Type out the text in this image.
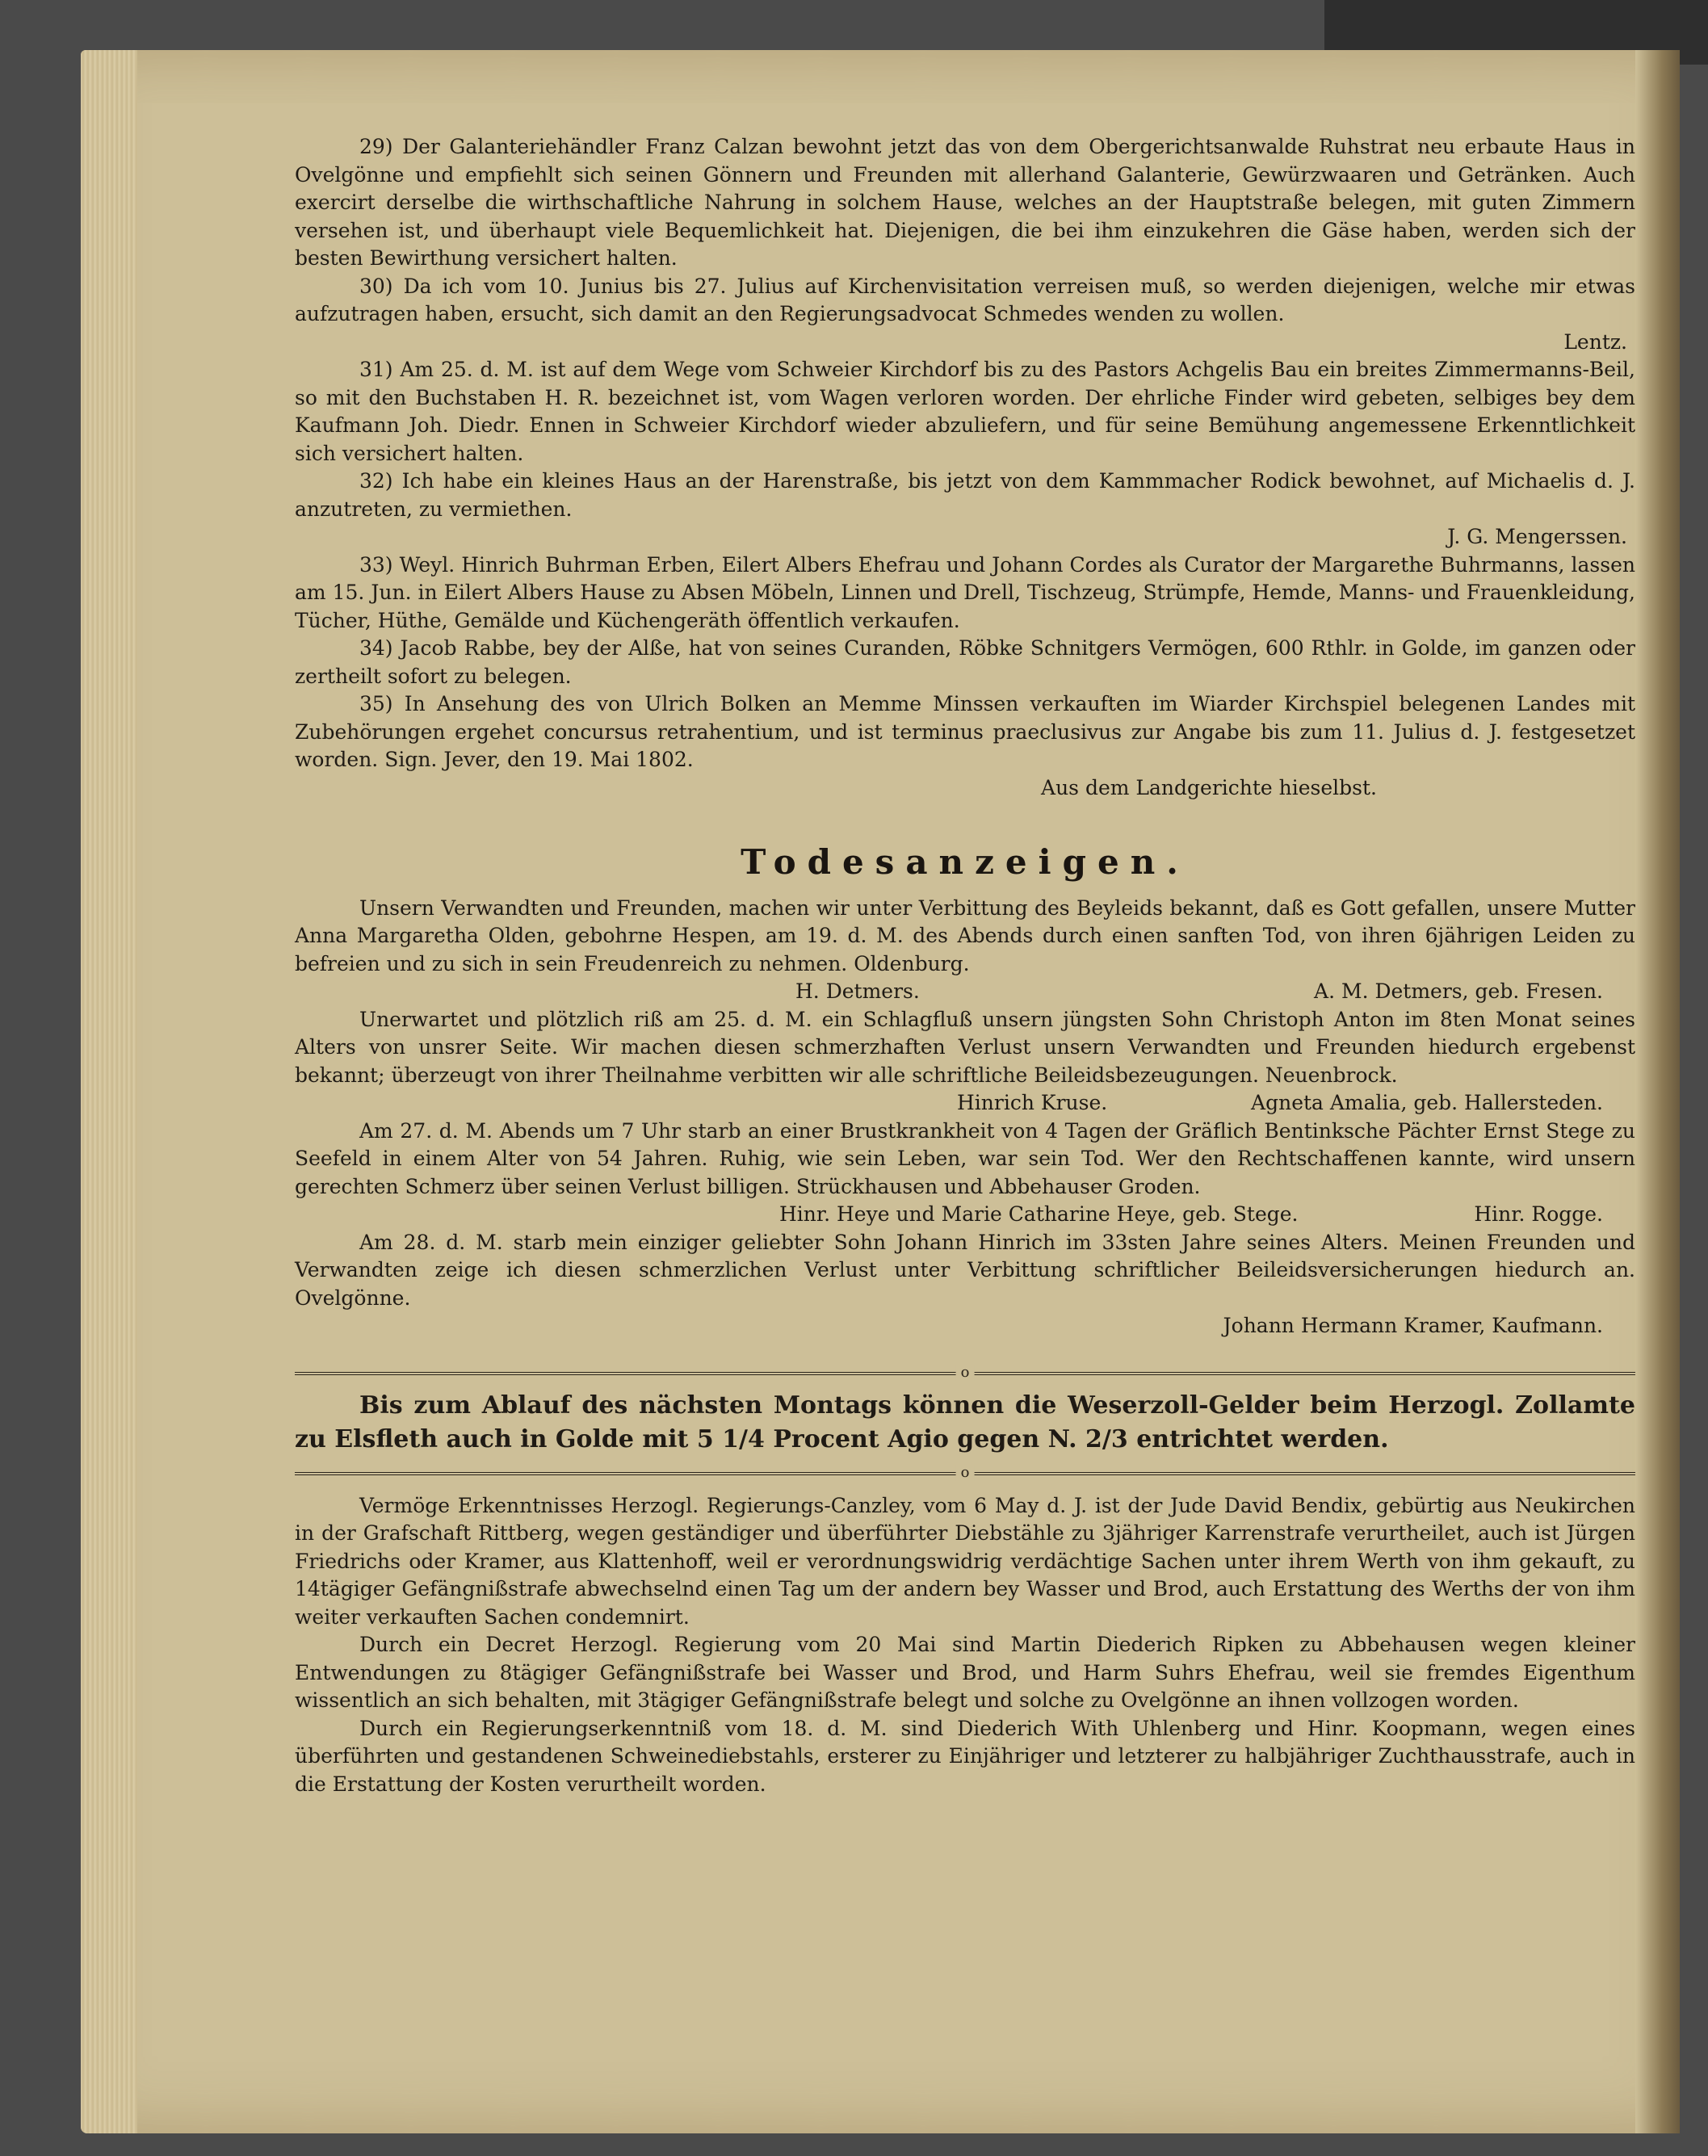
29) Der Galanteriehändler Franz Calzan bewohnt jetzt das von dem Obergerichtsanwalde Ruhstrat neu erbaute Haus in Ovelgönne und empfiehlt sich seinen Gönnern und Freunden mit allerhand Galanterie, Gewürzwaaren und Getränken. Auch exercirt derselbe die wirthschaftliche Nahrung in solchem Hause, welches an der Hauptstraße belegen, mit guten Zimmern versehen ist, und überhaupt viele Bequemlichkeit hat. Diejenigen, die bei ihm einzukehren die Gäse haben, werden sich der besten Bewirthung versichert halten.

30) Da ich vom 10. Junius bis 27. Julius auf Kirchenvisitation verreisen muß, so werden diejenigen, welche mir etwas aufzutragen haben, ersucht, sich damit an den Regierungsadvocat Schmedes wenden zu wollen.

Lentz.

31) Am 25. d. M. ist auf dem Wege vom Schweier Kirchdorf bis zu des Pastors Achgelis Bau ein breites Zimmermanns-Beil, so mit den Buchstaben H. R. bezeichnet ist, vom Wagen verloren worden. Der ehrliche Finder wird gebeten, selbiges bey dem Kaufmann Joh. Diedr. Ennen in Schweier Kirchdorf wieder abzuliefern, und für seine Bemühung angemessene Erkenntlichkeit sich versichert halten.

32) Ich habe ein kleines Haus an der Harenstraße, bis jetzt von dem Kammmacher Rodick bewohnet, auf Michaelis d. J. anzutreten, zu vermiethen.

J. G. Mengerssen.

33) Weyl. Hinrich Buhrman Erben, Eilert Albers Ehefrau und Johann Cordes als Curator der Margarethe Buhrmanns, lassen am 15. Jun. in Eilert Albers Hause zu Absen Möbeln, Linnen und Drell, Tischzeug, Strümpfe, Hemde, Manns- und Frauenkleidung, Tücher, Hüthe, Gemälde und Küchengeräth öffentlich verkaufen.

34) Jacob Rabbe, bey der Alße, hat von seines Curanden, Röbke Schnitgers Vermögen, 600 Rthlr. in Golde, im ganzen oder zertheilt sofort zu belegen.

35) In Ansehung des von Ulrich Bolken an Memme Minssen verkauften im Wiarder Kirchspiel belegenen Landes mit Zubehörungen ergehet concursus retrahentium, und ist terminus praeclusivus zur Angabe bis zum 11. Julius d. J. festgesetzet worden. Sign. Jever, den 19. Mai 1802.

Aus dem Landgerichte hieselbst.

Todesanzeigen.

Unsern Verwandten und Freunden, machen wir unter Verbittung des Beyleids bekannt, daß es Gott gefallen, unsere Mutter Anna Margaretha Olden, gebohrne Hespen, am 19. d. M. des Abends durch einen sanften Tod, von ihren 6jährigen Leiden zu befreien und zu sich in sein Freudenreich zu nehmen. Oldenburg.

H. Detmers.	A. M. Detmers, geb. Fresen.

Unerwartet und plötzlich riß am 25. d. M. ein Schlagfluß unsern jüngsten Sohn Christoph Anton im 8ten Monat seines Alters von unsrer Seite. Wir machen diesen schmerzhaften Verlust unsern Verwandten und Freunden hiedurch ergebenst bekannt; überzeugt von ihrer Theilnahme verbitten wir alle schriftliche Beileidsbezeugungen. Neuenbrock.

Hinrich Kruse.	Agneta Amalia, geb. Hallersteden.

Am 27. d. M. Abends um 7 Uhr starb an einer Brustkrankheit von 4 Tagen der Gräflich Bentinksche Pächter Ernst Stege zu Seefeld in einem Alter von 54 Jahren. Ruhig, wie sein Leben, war sein Tod. Wer den Rechtschaffenen kannte, wird unsern gerechten Schmerz über seinen Verlust billigen. Strückhausen und Abbehauser Groden.

Hinr. Heye und Marie Catharine Heye, geb. Stege.	Hinr. Rogge.

Am 28. d. M. starb mein einziger geliebter Sohn Johann Hinrich im 33sten Jahre seines Alters. Meinen Freunden und Verwandten zeige ich diesen schmerzlichen Verlust unter Verbittung schriftlicher Beileidsversicherungen hiedurch an. Ovelgönne.

Johann Hermann Kramer, Kaufmann.
o

Bis zum Ablauf des nächsten Montags können die Weserzoll-Gelder beim Herzogl. Zollamte zu Elsfleth auch in Golde mit 5 1/4 Procent Agio gegen N. 2/3 entrichtet werden.

o

Vermöge Erkenntnisses Herzogl. Regierungs-Canzley, vom 6 May d. J. ist der Jude David Bendix, gebürtig aus Neukirchen in der Grafschaft Rittberg, wegen geständiger und überführter Diebstähle zu 3jähriger Karrenstrafe verurtheilet, auch ist Jürgen Friedrichs oder Kramer, aus Klattenhoff, weil er verordnungswidrig verdächtige Sachen unter ihrem Werth von ihm gekauft, zu 14tägiger Gefängnißstrafe abwechselnd einen Tag um der andern bey Wasser und Brod, auch Erstattung des Werths der von ihm weiter verkauften Sachen condemnirt.

Durch ein Decret Herzogl. Regierung vom 20 Mai sind Martin Diederich Ripken zu Abbehausen wegen kleiner Entwendungen zu 8tägiger Gefängnißstrafe bei Wasser und Brod, und Harm Suhrs Ehefrau, weil sie fremdes Eigenthum wissentlich an sich behalten, mit 3tägiger Gefängnißstrafe belegt und solche zu Ovelgönne an ihnen vollzogen worden.

Durch ein Regierungserkenntniß vom 18. d. M. sind Diederich With Uhlenberg und Hinr. Koopmann, wegen eines überführten und gestandenen Schweinediebstahls, ersterer zu Einjähriger und letzterer zu halbjähriger Zuchthausstrafe, auch in die Erstattung der Kosten verurtheilt worden.
